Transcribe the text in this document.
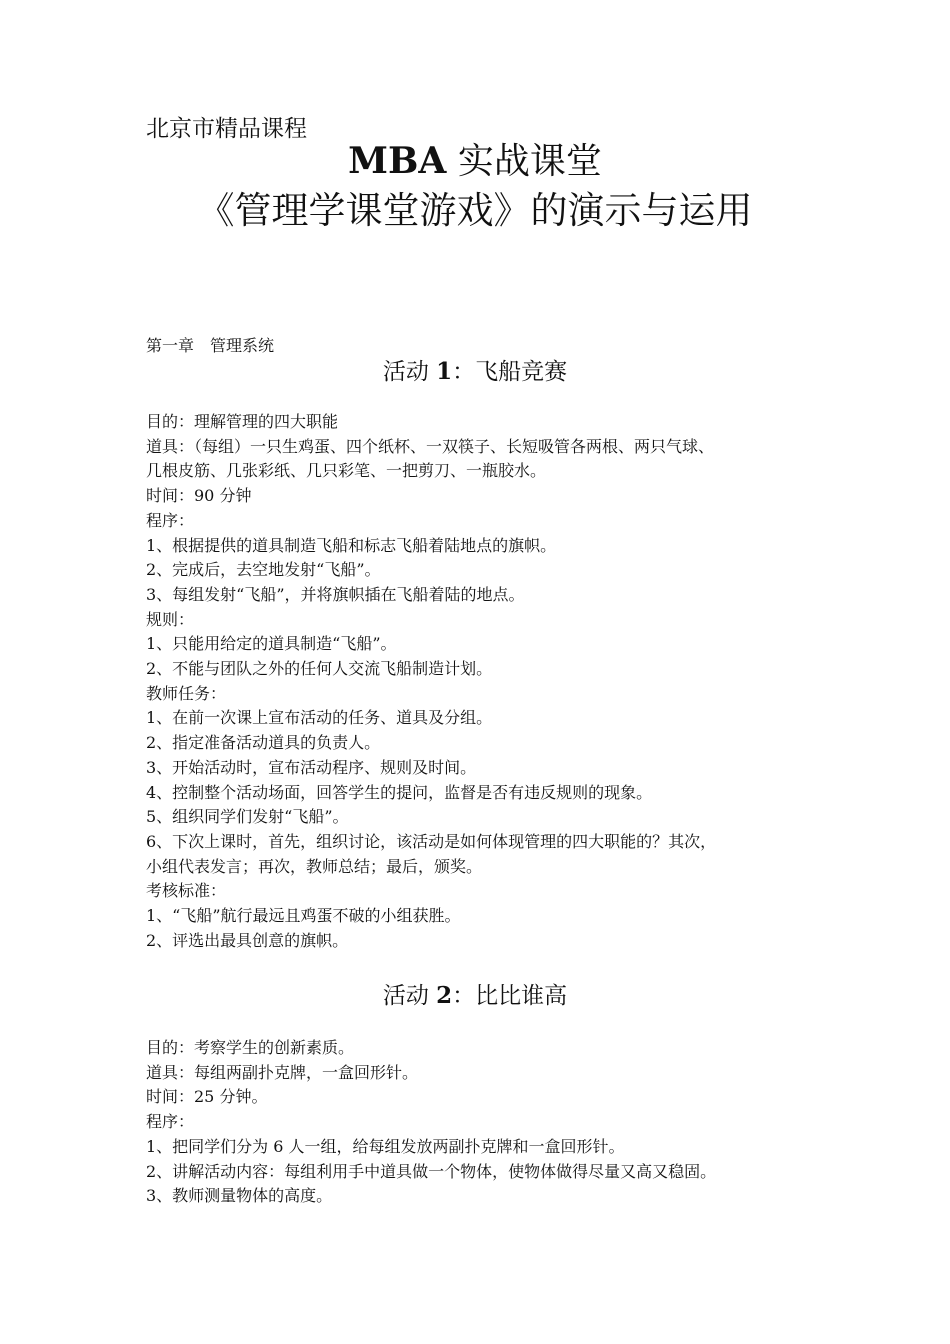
北京市精品课程
MBA 实战课堂
《管理学课堂游戏》的演示与运用
第一章　管理系统
活动 1：飞船竞赛
目的：理解管理的四大职能
道具：（每组）一只生鸡蛋、四个纸杯、一双筷子、长短吸管各两根、两只气球、
几根皮筋、几张彩纸、几只彩笔、一把剪刀、一瓶胶水。
时间：90 分钟
程序：
1、根据提供的道具制造飞船和标志飞船着陆地点的旗帜。
2、完成后，去空地发射“飞船”。
3、每组发射“飞船”，并将旗帜插在飞船着陆的地点。
规则：
1、只能用给定的道具制造“飞船”。
2、不能与团队之外的任何人交流飞船制造计划。
教师任务：
1、在前一次课上宣布活动的任务、道具及分组。
2、指定准备活动道具的负责人。
3、开始活动时，宣布活动程序、规则及时间。
4、控制整个活动场面，回答学生的提问，监督是否有违反规则的现象。
5、组织同学们发射“飞船”。
6、下次上课时，首先，组织讨论，该活动是如何体现管理的四大职能的？其次，
小组代表发言；再次，教师总结；最后，颁奖。
考核标准：
1、“飞船”航行最远且鸡蛋不破的小组获胜。
2、评选出最具创意的旗帜。
活动 2：比比谁高
目的：考察学生的创新素质。
道具：每组两副扑克牌，一盒回形针。
时间：25 分钟。
程序：
1、把同学们分为 6 人一组，给每组发放两副扑克牌和一盒回形针。
2、讲解活动内容：每组利用手中道具做一个物体，使物体做得尽量又高又稳固。
3、教师测量物体的高度。
